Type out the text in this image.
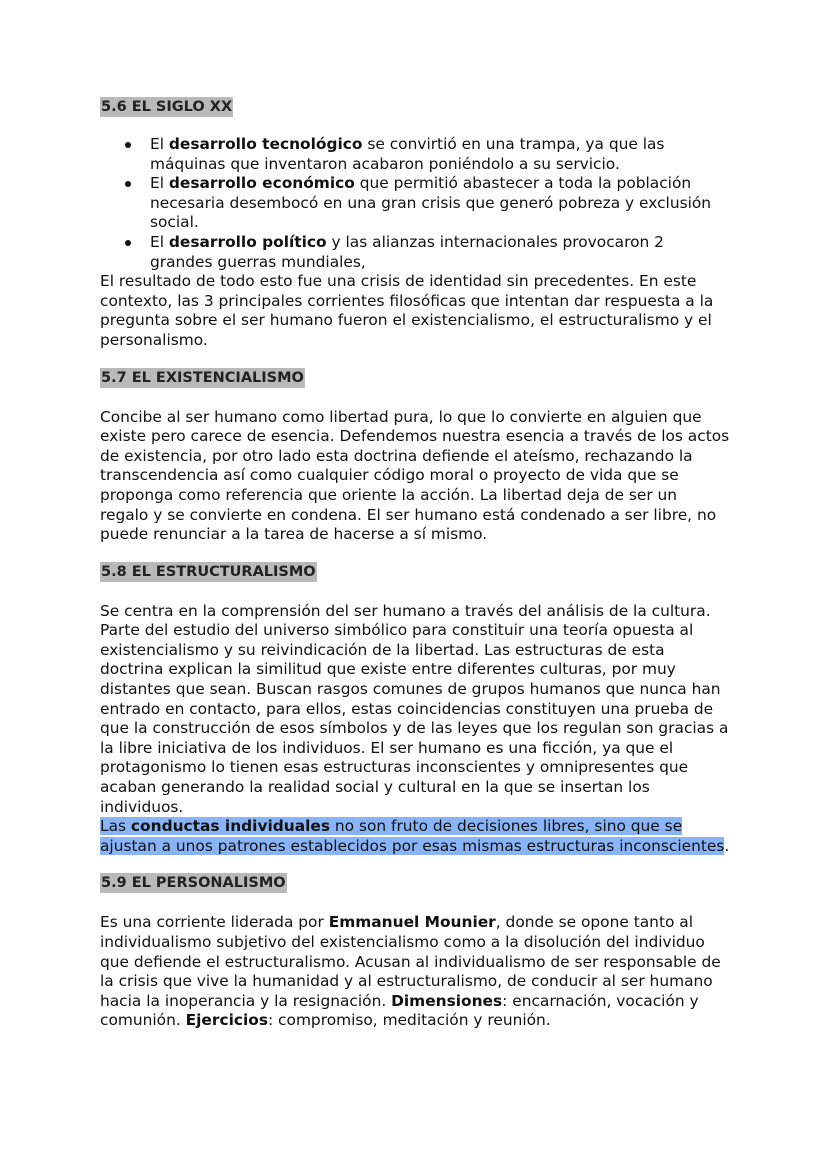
5.6 EL SIGLO XX
El desarrollo tecnológico se convirtió en una trampa, ya que las máquinas que inventaron acabaron poniéndolo a su servicio.
El desarrollo económico que permitió abastecer a toda la población necesaria desembocó en una gran crisis que generó pobreza y exclusión social.
El desarrollo político y las alianzas internacionales provocaron 2 grandes guerras mundiales,

El resultado de todo esto fue una crisis de identidad sin precedentes. En este contexto, las 3 principales corrientes filosóficas que intentan dar respuesta a la pregunta sobre el ser humano fueron el existencialismo, el estructuralismo y el personalismo.

5.7 EL EXISTENCIALISMO

Concibe al ser humano como libertad pura, lo que lo convierte en alguien que existe pero carece de esencia. Defendemos nuestra esencia a través de los actos de existencia, por otro lado esta doctrina defiende el ateísmo, rechazando la transcendencia así como cualquier código moral o proyecto de vida que se proponga como referencia que oriente la acción. La libertad deja de ser un regalo y se convierte en condena. El ser humano está condenado a ser libre, no puede renunciar a la tarea de hacerse a sí mismo.

5.8 EL ESTRUCTURALISMO

Se centra en la comprensión del ser humano a través del análisis de la cultura. Parte del estudio del universo simbólico para constituir una teoría opuesta al existencialismo y su reivindicación de la libertad. Las estructuras de esta doctrina explican la similitud que existe entre diferentes culturas, por muy distantes que sean. Buscan rasgos comunes de grupos humanos que nunca han entrado en contacto, para ellos, estas coincidencias constituyen una prueba de que la construcción de esos símbolos y de las leyes que los regulan son gracias a la libre iniciativa de los individuos. El ser humano es una ficción, ya que el protagonismo lo tienen esas estructuras inconscientes y omnipresentes que acaban generando la realidad social y cultural en la que se insertan los individuos.
Las conductas individuales no son fruto de decisiones libres, sino que se ajustan a unos patrones establecidos por esas mismas estructuras inconscientes.

5.9 EL PERSONALISMO

Es una corriente liderada por Emmanuel Mounier, donde se opone tanto al individualismo subjetivo del existencialismo como a la disolución del individuo que defiende el estructuralismo. Acusan al individualismo de ser responsable de la crisis que vive la humanidad y al estructuralismo, de conducir al ser humano hacia la inoperancia y la resignación. Dimensiones: encarnación, vocación y comunión. Ejercicios: compromiso, meditación y reunión.
